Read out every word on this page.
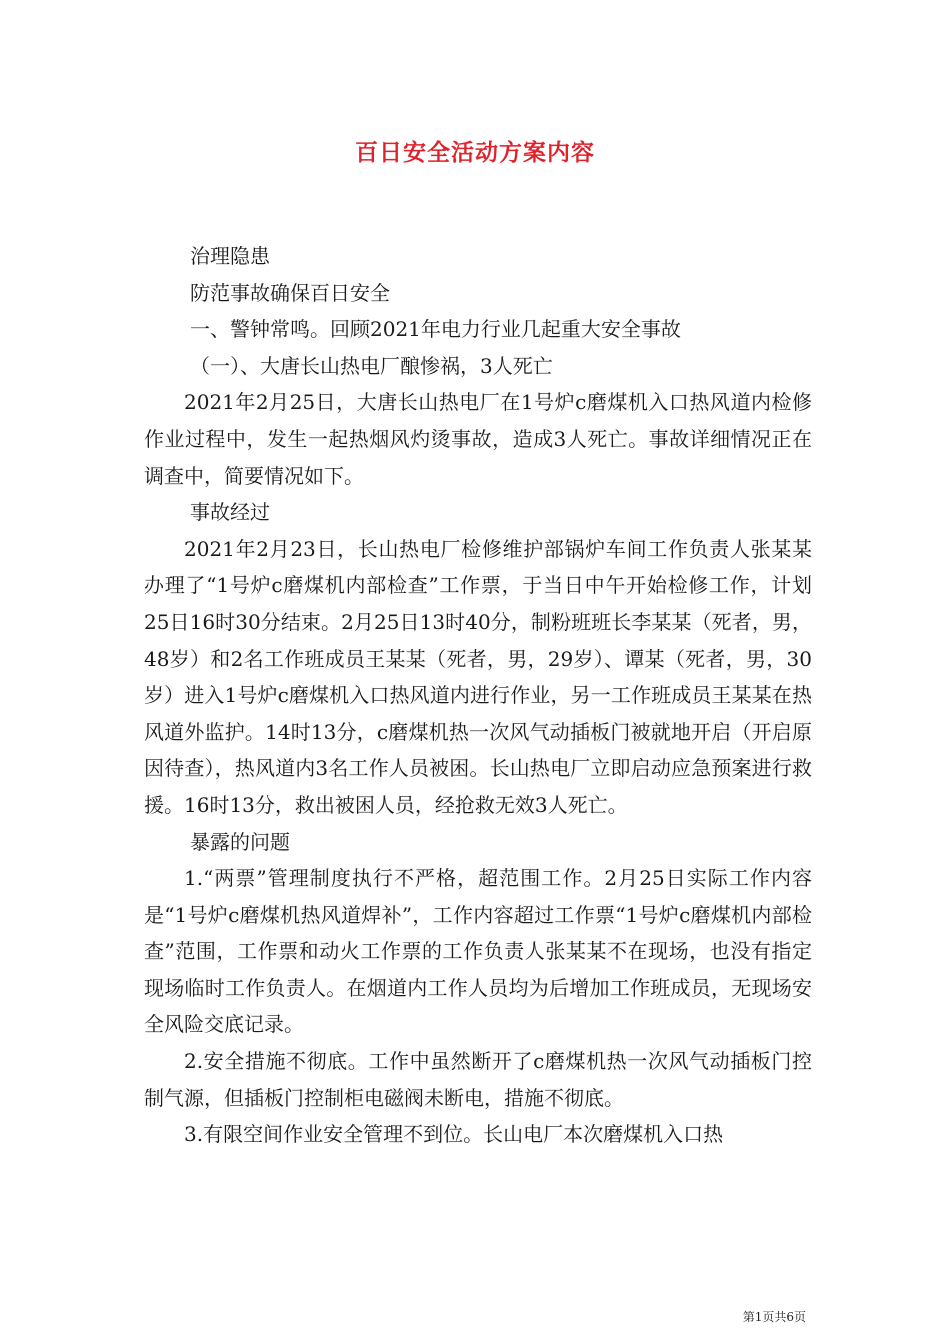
百日安全活动方案内容

治理隐患

防范事故确保百日安全

一、警钟常鸣。回顾2021年电力行业几起重大安全事故

（一）、大唐长山热电厂酿惨祸，3人死亡

2021年2月25日，大唐长山热电厂在1号炉c磨煤机入口热风道内检修作业过程中，发生一起热烟风灼烫事故，造成3人死亡。事故详细情况正在调查中，简要情况如下。

事故经过

2021年2月23日，长山热电厂检修维护部锅炉车间工作负责人张某某办理了“1号炉c磨煤机内部检查”工作票，于当日中午开始检修工作，计划25日16时30分结束。2月25日13时40分，制粉班班长李某某（死者，男，48岁）和2名工作班成员王某某（死者，男，29岁）、谭某（死者，男，30岁）进入1号炉c磨煤机入口热风道内进行作业，另一工作班成员王某某在热风道外监护。14时13分，c磨煤机热一次风气动插板门被就地开启（开启原因待查），热风道内3名工作人员被困。长山热电厂立即启动应急预案进行救援。16时13分，救出被困人员，经抢救无效3人死亡。

暴露的问题

1.“两票”管理制度执行不严格，超范围工作。2月25日实际工作内容是“1号炉c磨煤机热风道焊补”，工作内容超过工作票“1号炉c磨煤机内部检查”范围，工作票和动火工作票的工作负责人张某某不在现场，也没有指定现场临时工作负责人。在烟道内工作人员均为后增加工作班成员，无现场安全风险交底记录。

2.安全措施不彻底。工作中虽然断开了c磨煤机热一次风气动插板门控制气源，但插板门控制柜电磁阀未断电，措施不彻底。

3.有限空间作业安全管理不到位。长山电厂本次磨煤机入口热

第1页共6页
